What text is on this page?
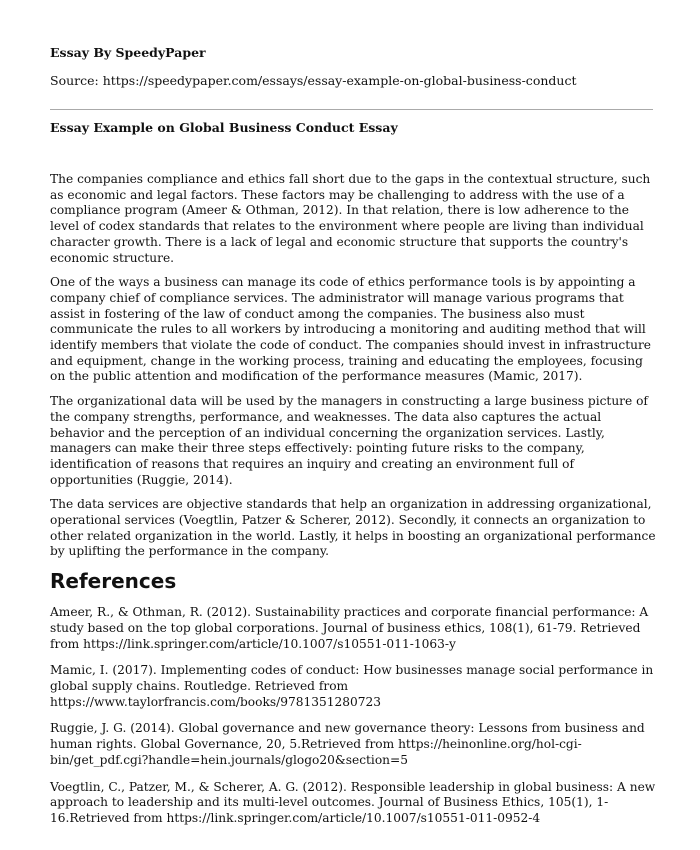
Essay By SpeedyPaper

Source: https://speedypaper.com/essays/essay-example-on-global-business-conduct

Essay Example on Global Business Conduct Essay

The companies compliance and ethics fall short due to the gaps in the contextual structure, such as economic and legal factors. These factors may be challenging to address with the use of a compliance program (Ameer & Othman, 2012). In that relation, there is low adherence to the level of codex standards that relates to the environment where people are living than individual character growth. There is a lack of legal and economic structure that supports the country's economic structure.

One of the ways a business can manage its code of ethics performance tools is by appointing a company chief of compliance services. The administrator will manage various programs that assist in fostering of the law of conduct among the companies. The business also must communicate the rules to all workers by introducing a monitoring and auditing method that will identify members that violate the code of conduct. The companies should invest in infrastructure and equipment, change in the working process, training and educating the employees, focusing on the public attention and modification of the performance measures (Mamic, 2017).

The organizational data will be used by the managers in constructing a large business picture of the company strengths, performance, and weaknesses. The data also captures the actual behavior and the perception of an individual concerning the organization services. Lastly, managers can make their three steps effectively: pointing future risks to the company, identification of reasons that requires an inquiry and creating an environment full of opportunities (Ruggie, 2014).

The data services are objective standards that help an organization in addressing organizational, operational services (Voegtlin, Patzer & Scherer, 2012). Secondly, it connects an organization to other related organization in the world. Lastly, it helps in boosting an organizational performance by uplifting the performance in the company.

References

Ameer, R., & Othman, R. (2012). Sustainability practices and corporate financial performance: A study based on the top global corporations. Journal of business ethics, 108(1), 61-79. Retrieved from https://link.springer.com/article/10.1007/s10551-011-1063-y

Mamic, I. (2017). Implementing codes of conduct: How businesses manage social performance in global supply chains. Routledge. Retrieved from https://www.taylorfrancis.com/books/9781351280723

Ruggie, J. G. (2014). Global governance and new governance theory: Lessons from business and human rights. Global Governance, 20, 5.Retrieved from https://heinonline.org/hol-cgi-bin/get_pdf.cgi?handle=hein.journals/glogo20&section=5

Voegtlin, C., Patzer, M., & Scherer, A. G. (2012). Responsible leadership in global business: A new approach to leadership and its multi-level outcomes. Journal of Business Ethics, 105(1), 1-16.Retrieved from https://link.springer.com/article/10.1007/s10551-011-0952-4
